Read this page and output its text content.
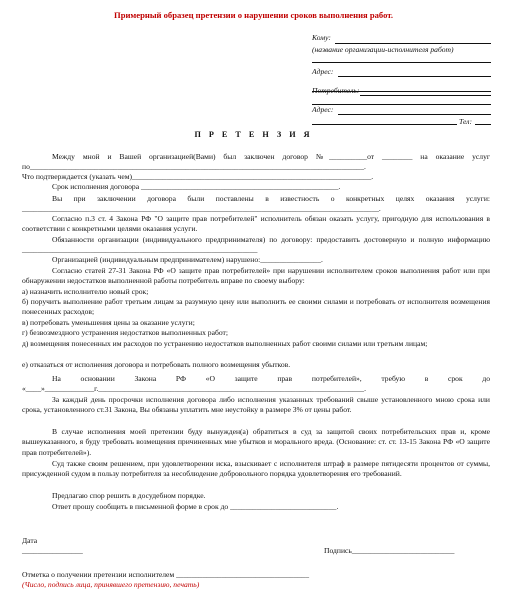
Примерный образец претензии о нарушении сроков выполнения работ.
Кому:
(название организации-исполнителя работ)
Адрес:
Потребитель:
Адрес:
Тел:
П Р Е Т Е Н З И Я
Между мной и Вашей организацией(Вами) был заключен договор №__________от ________ на оказание услуг по________________________________________________________________________________________.
Что подтверждается (указать чем)_______________________________________________________________.
Срок исполнения договора ____________________________________________________.
Вы при заключении договора были поставлены в известность о конкретных целях оказания услуги: ______________________________________________________________________________________________.
Согласно п.3 ст. 4 Закона РФ "О защите прав потребителей" исполнитель обязан оказать услугу, пригодную для использования в соответствии с конкретными целями оказания услуги.
Обязанности организации (индивидуального предпринимателя) по договору: предоставить достоверную и полную информацию ______________________________________________________________
Организацией (индивидуальным предпринимателем) нарушено:________________.
Согласно статей 27-31 Закона РФ «О защите прав потребителей» при нарушении исполнителем сроков выполнения работ или при обнаружении недостатков выполненной работы потребитель вправе по своему выбору:
а) назначить исполнителю новый срок;
б) поручить выполнение работ третьим лицам за разумную цену или выполнить ее своими силами и потребовать от исполнителя возмещения понесенных расходов;
в) потребовать уменьшения цены за оказание услуги;
г) безвозмездного устранения недостатков выполненных работ;
д) возмещения понесенных им расходов по устранению недостатков выполненных работ своими силами или третьим лицам;
е) отказаться от исполнения договора и потребовать полного возмещения убытков.
На основании Закона РФ «О защите прав потребителей», требую в срок до «____»_____________г.______________________________________________________________________.
За каждый день просрочки исполнения договора либо исполнения указанных требований свыше установленного мною срока или срока, установленного ст.31 Закона, Вы обязаны уплатить мне неустойку в размере 3% от цены работ.
В случае исполнения моей претензии буду вынужден(а) обратиться в суд за защитой своих потребительских прав и, кроме вышеуказанного, я буду требовать возмещения причиненных мне убытков и морального вреда. (Основание: ст. ст. 13-15 Закона РФ «О защите прав потребителей»).
Суд также своим решением, при удовлетворении иска, взыскивает с исполнителя штраф в размере пятидесяти процентов от суммы, присужденной судом в пользу потребителя за несоблюдение добровольного порядка удовлетворения его требований.
Предлагаю спор решить в досудебном порядке.
Ответ прошу сообщить в письменной форме в срок до ____________________________.
Дата
________________	Подпись___________________________
Отметка о получении претензии исполнителем ___________________________________
(Число, подпись лица, принявшего претензию, печать)
